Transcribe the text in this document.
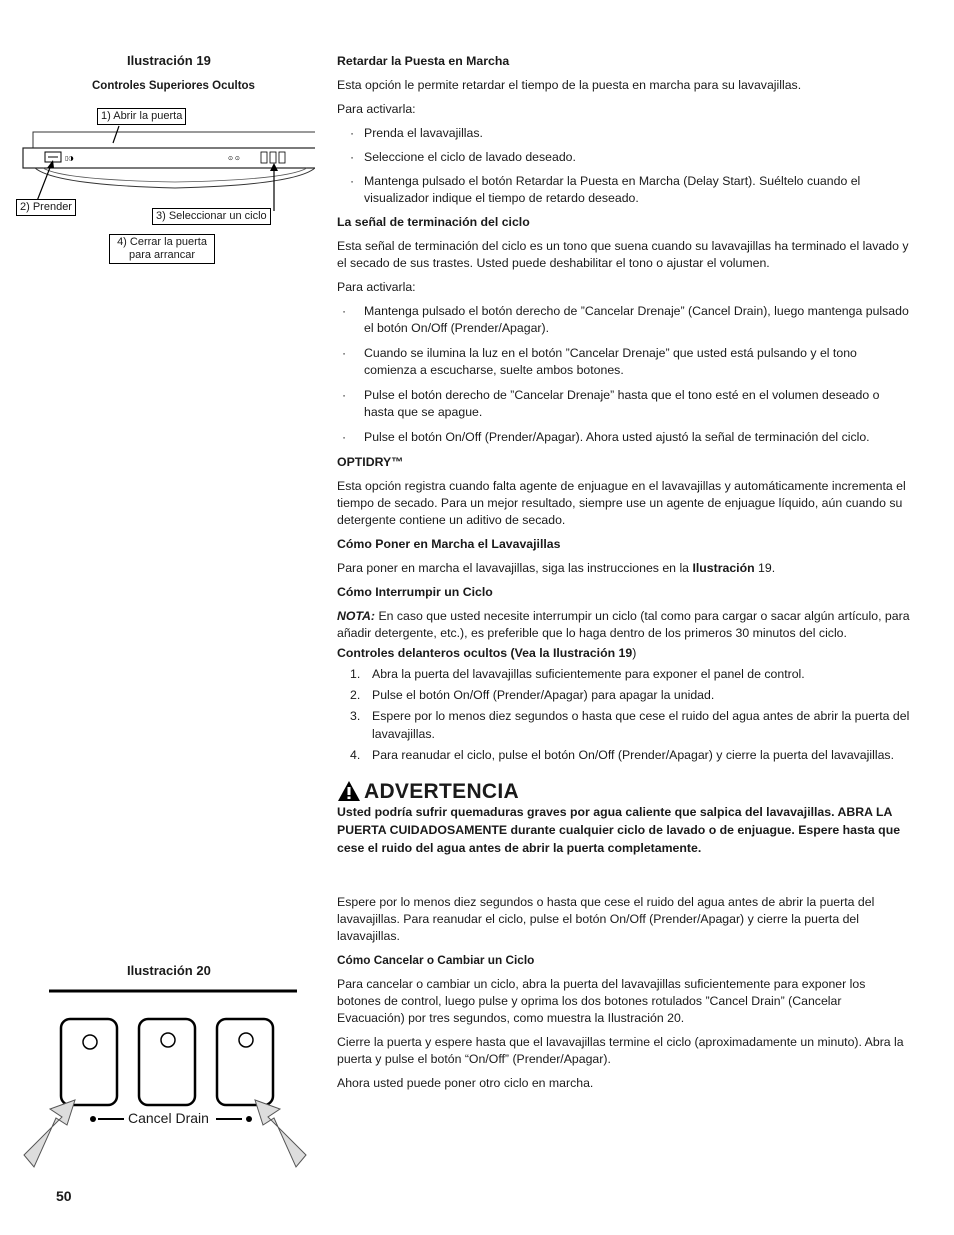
Ilustración 19
Controles Superiores Ocultos
▯◑	⊙ ⊙
1) Abrir la puerta
2) Prender
3) Seleccionar un ciclo
4) Cerrar la puerta para arrancar
Ilustración 20
Cancel Drain
50
Retardar la Puesta en Marcha
Esta opción le permite retardar el tiempo de la puesta en marcha para su lavavajillas.
Para activarla:
· Prenda el lavavajillas.
· Seleccione el ciclo de lavado deseado.
· Mantenga pulsado el botón Retardar la Puesta en Marcha (Delay Start). Suéltelo cuando el visualizador indique el tiempo de retardo deseado.
La señal de terminación del ciclo
Esta señal de terminación del ciclo es un tono que suena cuando su lavavajillas ha terminado el lavado y el secado de sus trastes. Usted puede deshabilitar el tono o ajustar el volumen.
Para activarla:
· Mantenga pulsado el botón derecho de ”Cancelar Drenaje” (Cancel Drain), luego mantenga pulsado el botón On/Off (Prender/Apagar).
· Cuando se ilumina la luz en el botón ”Cancelar Drenaje” que usted está pulsando y el tono comienza a escucharse, suelte ambos botones.
· Pulse el botón derecho de ”Cancelar Drenaje” hasta que el tono esté en el volumen deseado o hasta que se apague.
· Pulse el botón On/Off (Prender/Apagar). Ahora usted ajustó la señal de terminación del ciclo.
OPTIDRY™
Esta opción registra cuando falta agente de enjuague en el lavavajillas y automáticamente incrementa el tiempo de secado. Para un mejor resultado, siempre use un agente de enjuague líquido, aún cuando su detergente contiene un aditivo de secado.
Cómo Poner en Marcha el Lavavajillas
Para poner en marcha el lavavajillas, siga las instrucciones en la Ilustración 19.
Cómo Interrumpir un Ciclo
NOTA: En caso que usted necesite interrumpir un ciclo (tal como para cargar o sacar algún artículo, para añadir detergente, etc.), es preferible que lo haga dentro de los primeros 30 minutos del ciclo.
Controles delanteros ocultos (Vea la Ilustración 19)
1. Abra la puerta del lavavajillas suficientemente para exponer el panel de control.
2. Pulse el botón On/Off (Prender/Apagar) para apagar la unidad.
3. Espere por lo menos diez segundos o hasta que cese el ruido del agua antes de abrir la puerta del lavavajillas.
4. Para reanudar el ciclo, pulse el botón On/Off (Prender/Apagar) y cierre la puerta del lavavajillas.
ADVERTENCIA
Usted podría sufrir quemaduras graves por agua caliente que salpica del lavavajillas. ABRA LA PUERTA CUIDADOSAMENTE durante cualquier ciclo de lavado o de enjuague. Espere hasta que cese el ruido del agua antes de abrir la puerta completamente.
Espere por lo menos diez segundos o hasta que cese el ruido del agua antes de abrir la puerta del lavavajillas. Para reanudar el ciclo, pulse el botón On/Off (Prender/Apagar) y cierre la puerta del lavavajillas.
Cómo Cancelar o Cambiar un Ciclo
Para cancelar o cambiar un ciclo, abra la puerta del lavavajillas suficientemente para exponer los botones de control, luego pulse y oprima los dos botones rotulados ”Cancel Drain” (Cancelar Evacuación) por tres segundos, como muestra la Ilustración 20.
Cierre la puerta y espere hasta que el lavavajillas termine el ciclo (aproximadamente un minuto). Abra la puerta y pulse el botón “On/Off” (Prender/Apagar).
Ahora usted puede poner otro ciclo en marcha.
